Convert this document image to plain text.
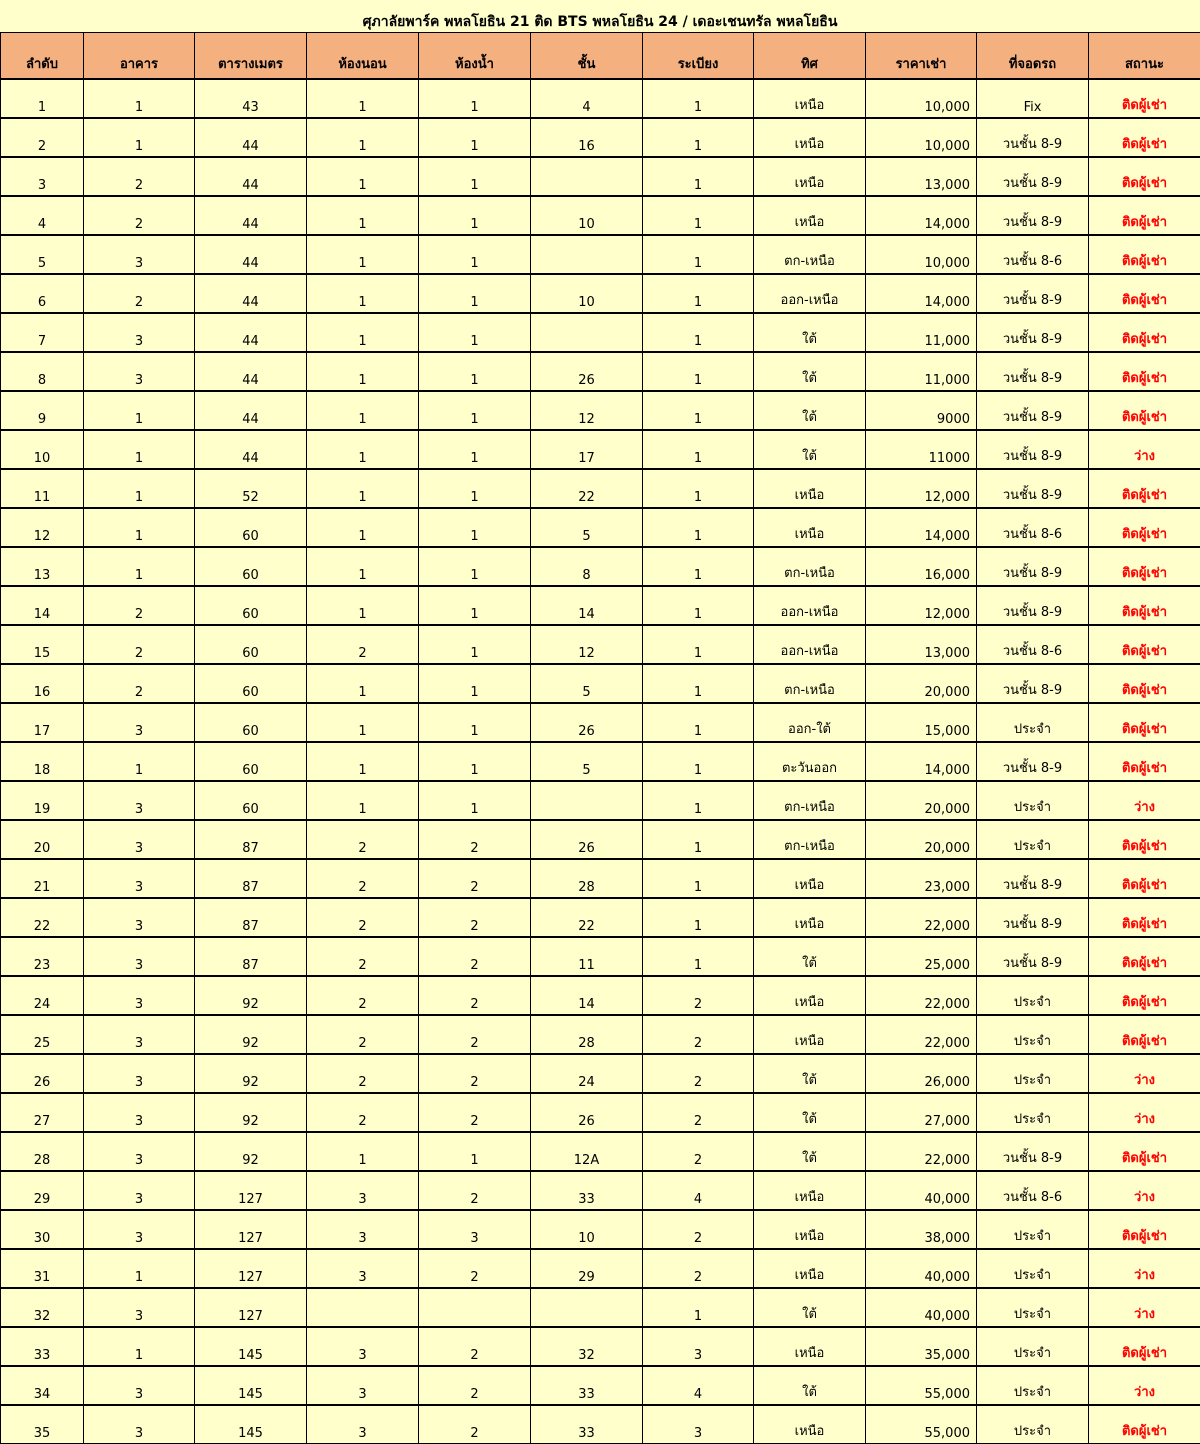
ศุภาลัยพาร์ค พหลโยธิน 21 ติด BTS พหลโยธิน 24 / เดอะเชนทรัล พหลโยธิน
ลำดับ	อาคาร	ตารางเมตร	ห้องนอน	ห้องน้ำ	ชั้น	ระเบียง	ทิศ	ราคาเช่า	ที่จอดรถ	สถานะ
1	1	43	1	1	4	1	เหนือ	10,000	Fix	ติดผู้เช่า
2	1	44	1	1	16	1	เหนือ	10,000	วนชั้น 8-9	ติดผู้เช่า
3	2	44	1	1		1	เหนือ	13,000	วนชั้น 8-9	ติดผู้เช่า
4	2	44	1	1	10	1	เหนือ	14,000	วนชั้น 8-9	ติดผู้เช่า
5	3	44	1	1		1	ตก-เหนือ	10,000	วนชั้น 8-6	ติดผู้เช่า
6	2	44	1	1	10	1	ออก-เหนือ	14,000	วนชั้น 8-9	ติดผู้เช่า
7	3	44	1	1		1	ใต้	11,000	วนชั้น 8-9	ติดผู้เช่า
8	3	44	1	1	26	1	ใต้	11,000	วนชั้น 8-9	ติดผู้เช่า
9	1	44	1	1	12	1	ใต้	9000	วนชั้น 8-9	ติดผู้เช่า
10	1	44	1	1	17	1	ใต้	11000	วนชั้น 8-9	ว่าง
11	1	52	1	1	22	1	เหนือ	12,000	วนชั้น 8-9	ติดผู้เช่า
12	1	60	1	1	5	1	เหนือ	14,000	วนชั้น 8-6	ติดผู้เช่า
13	1	60	1	1	8	1	ตก-เหนือ	16,000	วนชั้น 8-9	ติดผู้เช่า
14	2	60	1	1	14	1	ออก-เหนือ	12,000	วนชั้น 8-9	ติดผู้เช่า
15	2	60	2	1	12	1	ออก-เหนือ	13,000	วนชั้น 8-6	ติดผู้เช่า
16	2	60	1	1	5	1	ตก-เหนือ	20,000	วนชั้น 8-9	ติดผู้เช่า
17	3	60	1	1	26	1	ออก-ใต้	15,000	ประจำ	ติดผู้เช่า
18	1	60	1	1	5	1	ตะวันออก	14,000	วนชั้น 8-9	ติดผู้เช่า
19	3	60	1	1		1	ตก-เหนือ	20,000	ประจำ	ว่าง
20	3	87	2	2	26	1	ตก-เหนือ	20,000	ประจำ	ติดผู้เช่า
21	3	87	2	2	28	1	เหนือ	23,000	วนชั้น 8-9	ติดผู้เช่า
22	3	87	2	2	22	1	เหนือ	22,000	วนชั้น 8-9	ติดผู้เช่า
23	3	87	2	2	11	1	ใต้	25,000	วนชั้น 8-9	ติดผู้เช่า
24	3	92	2	2	14	2	เหนือ	22,000	ประจำ	ติดผู้เช่า
25	3	92	2	2	28	2	เหนือ	22,000	ประจำ	ติดผู้เช่า
26	3	92	2	2	24	2	ใต้	26,000	ประจำ	ว่าง
27	3	92	2	2	26	2	ใต้	27,000	ประจำ	ว่าง
28	3	92	1	1	12A	2	ใต้	22,000	วนชั้น 8-9	ติดผู้เช่า
29	3	127	3	2	33	4	เหนือ	40,000	วนชั้น 8-6	ว่าง
30	3	127	3	3	10	2	เหนือ	38,000	ประจำ	ติดผู้เช่า
31	1	127	3	2	29	2	เหนือ	40,000	ประจำ	ว่าง
32	3	127				1	ใต้	40,000	ประจำ	ว่าง
33	1	145	3	2	32	3	เหนือ	35,000	ประจำ	ติดผู้เช่า
34	3	145	3	2	33	4	ใต้	55,000	ประจำ	ว่าง
35	3	145	3	2	33	3	เหนือ	55,000	ประจำ	ติดผู้เช่า
